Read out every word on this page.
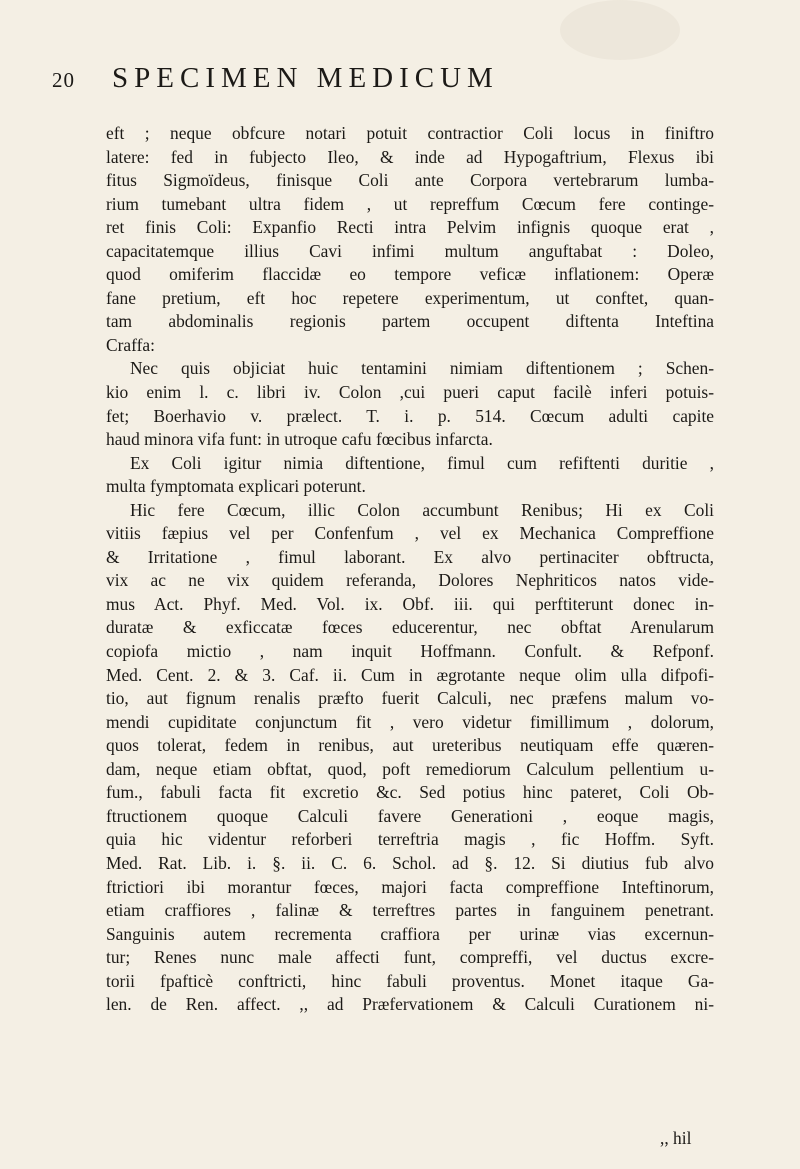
20 SPECIMEN MEDICUM
eft ; neque obfcure notari potuit contractior Coli locus in finiftro
latere: fed in fubjecto Ileo, & inde ad Hypogaftrium, Flexus ibi
fitus Sigmoïdeus, finisque Coli ante Corpora vertebrarum lumba-
rium tumebant ultra fidem , ut repreffum Cœcum fere continge-
ret finis Coli: Expanfio Recti intra Pelvim infignis quoque erat ,
capacitatemque illius Cavi infimi multum anguftabat : Doleo,
quod omiferim flaccidæ eo tempore veficæ inflationem: Operæ
fane pretium, eft hoc repetere experimentum, ut conftet, quan-
tam abdominalis regionis partem occupent diftenta Inteftina
Craffa:
Nec quis objiciat huic tentamini nimiam diftentionem ; Schen-
kio enim l. c. libri iv. Colon ,cui pueri caput facilè inferi potuis-
fet; Boerhavio v. prælect. T. i. p. 514. Cœcum adulti capite
haud minora vifa funt: in utroque cafu fœcibus infarcta.
Ex Coli igitur nimia diftentione, fimul cum refiftenti duritie ,
multa fymptomata explicari poterunt.
Hic fere Cœcum, illic Colon accumbunt Renibus; Hi ex Coli
vitiis fæpius vel per Confenfum , vel ex Mechanica Compreffione
& Irritatione , fimul laborant. Ex alvo pertinaciter obftructa,
vix ac ne vix quidem referanda, Dolores Nephriticos natos vide-
mus Act. Phyf. Med. Vol. ix. Obf. iii. qui perftiterunt donec in-
duratæ & exficcatæ fœces educerentur, nec obftat Arenularum
copiofa mictio , nam inquit Hoffmann. Confult. & Refponf.
Med. Cent. 2. & 3. Caf. ii. Cum in ægrotante neque olim ulla difpofi-
tio, aut fignum renalis præfto fuerit Calculi, nec præfens malum vo-
mendi cupiditate conjunctum fit , vero videtur fimillimum , dolorum,
quos tolerat, fedem in renibus, aut ureteribus neutiquam effe quæren-
dam, neque etiam obftat, quod, poft remediorum Calculum pellentium u-
fum., fabuli facta fit excretio &c. Sed potius hinc pateret, Coli Ob-
ftructionem quoque Calculi favere Generationi , eoque magis,
quia hic videntur reforberi terreftria magis , fic Hoffm. Syft.
Med. Rat. Lib. i. §. ii. C. 6. Schol. ad §. 12. Si diutius fub alvo
ftrictiori ibi morantur fœces, majori facta compreffione Inteftinorum,
etiam craffiores , falinæ & terreftres partes in fanguinem penetrant.
Sanguinis autem recrementa craffiora per urinæ vias excernun-
tur; Renes nunc male affecti funt, compreffi, vel ductus excre-
torii fpafticè conftricti, hinc fabuli proventus. Monet itaque Ga-
len. de Ren. affect. ,, ad Præfervationem & Calculi Curationem ni-
,, hil
